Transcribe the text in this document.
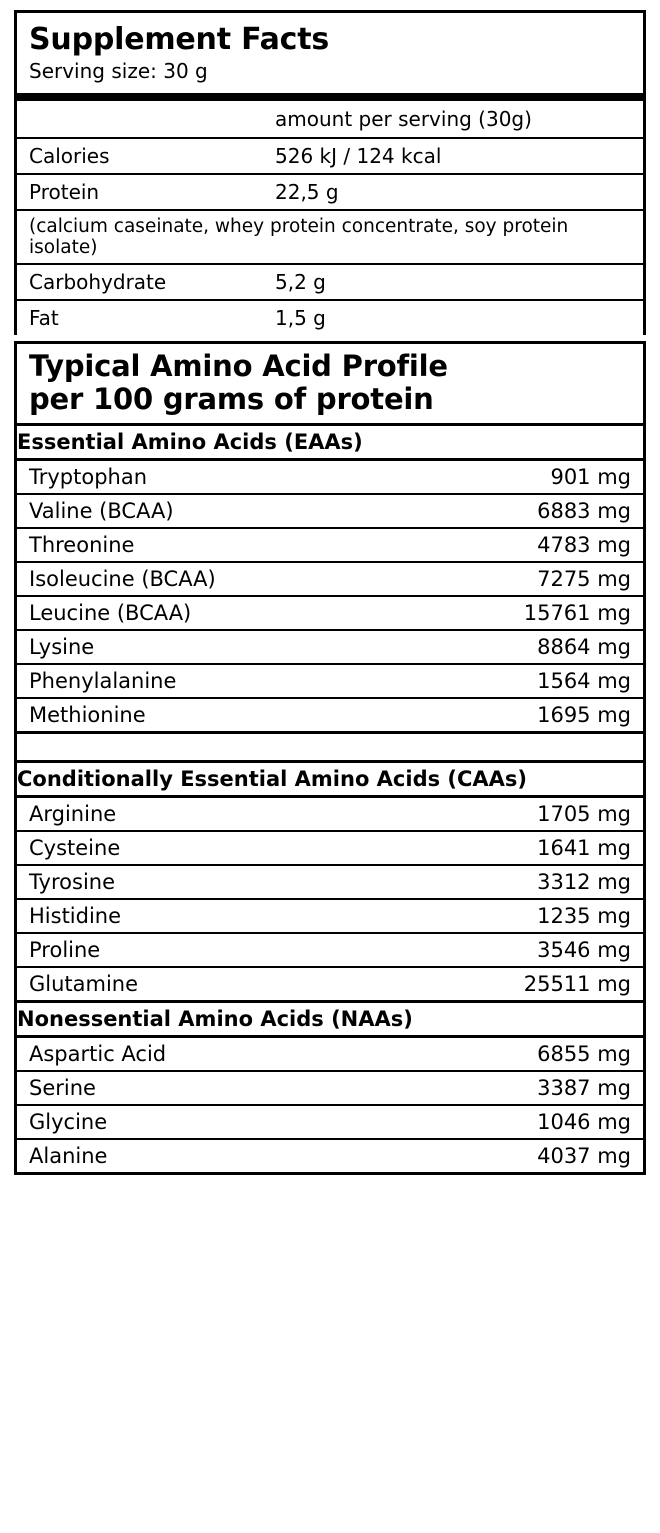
Supplement Facts
Serving size: 30 g
	amount per serving (30g)
Calories	526 kJ / 124 kcal
Protein	22,5 g
(calcium caseinate, whey protein concentrate, soy protein isolate)	
Carbohydrate	5,2 g
Fat	1,5 g
Typical Amino Acid Profile
per 100 grams of protein
Essential Amino Acids (EAAs)	
Tryptophan	901 mg
Valine (BCAA)	6883 mg
Threonine	4783 mg
Isoleucine (BCAA)	7275 mg
Leucine (BCAA)	15761 mg
Lysine	8864 mg
Phenylalanine	1564 mg
Methionine	1695 mg

Conditionally Essential Amino Acids (CAAs)	
Arginine	1705 mg
Cysteine	1641 mg
Tyrosine	3312 mg
Histidine	1235 mg
Proline	3546 mg
Glutamine	25511 mg
Nonessential Amino Acids (NAAs)	
Aspartic Acid	6855 mg
Serine	3387 mg
Glycine	1046 mg
Alanine	4037 mg
